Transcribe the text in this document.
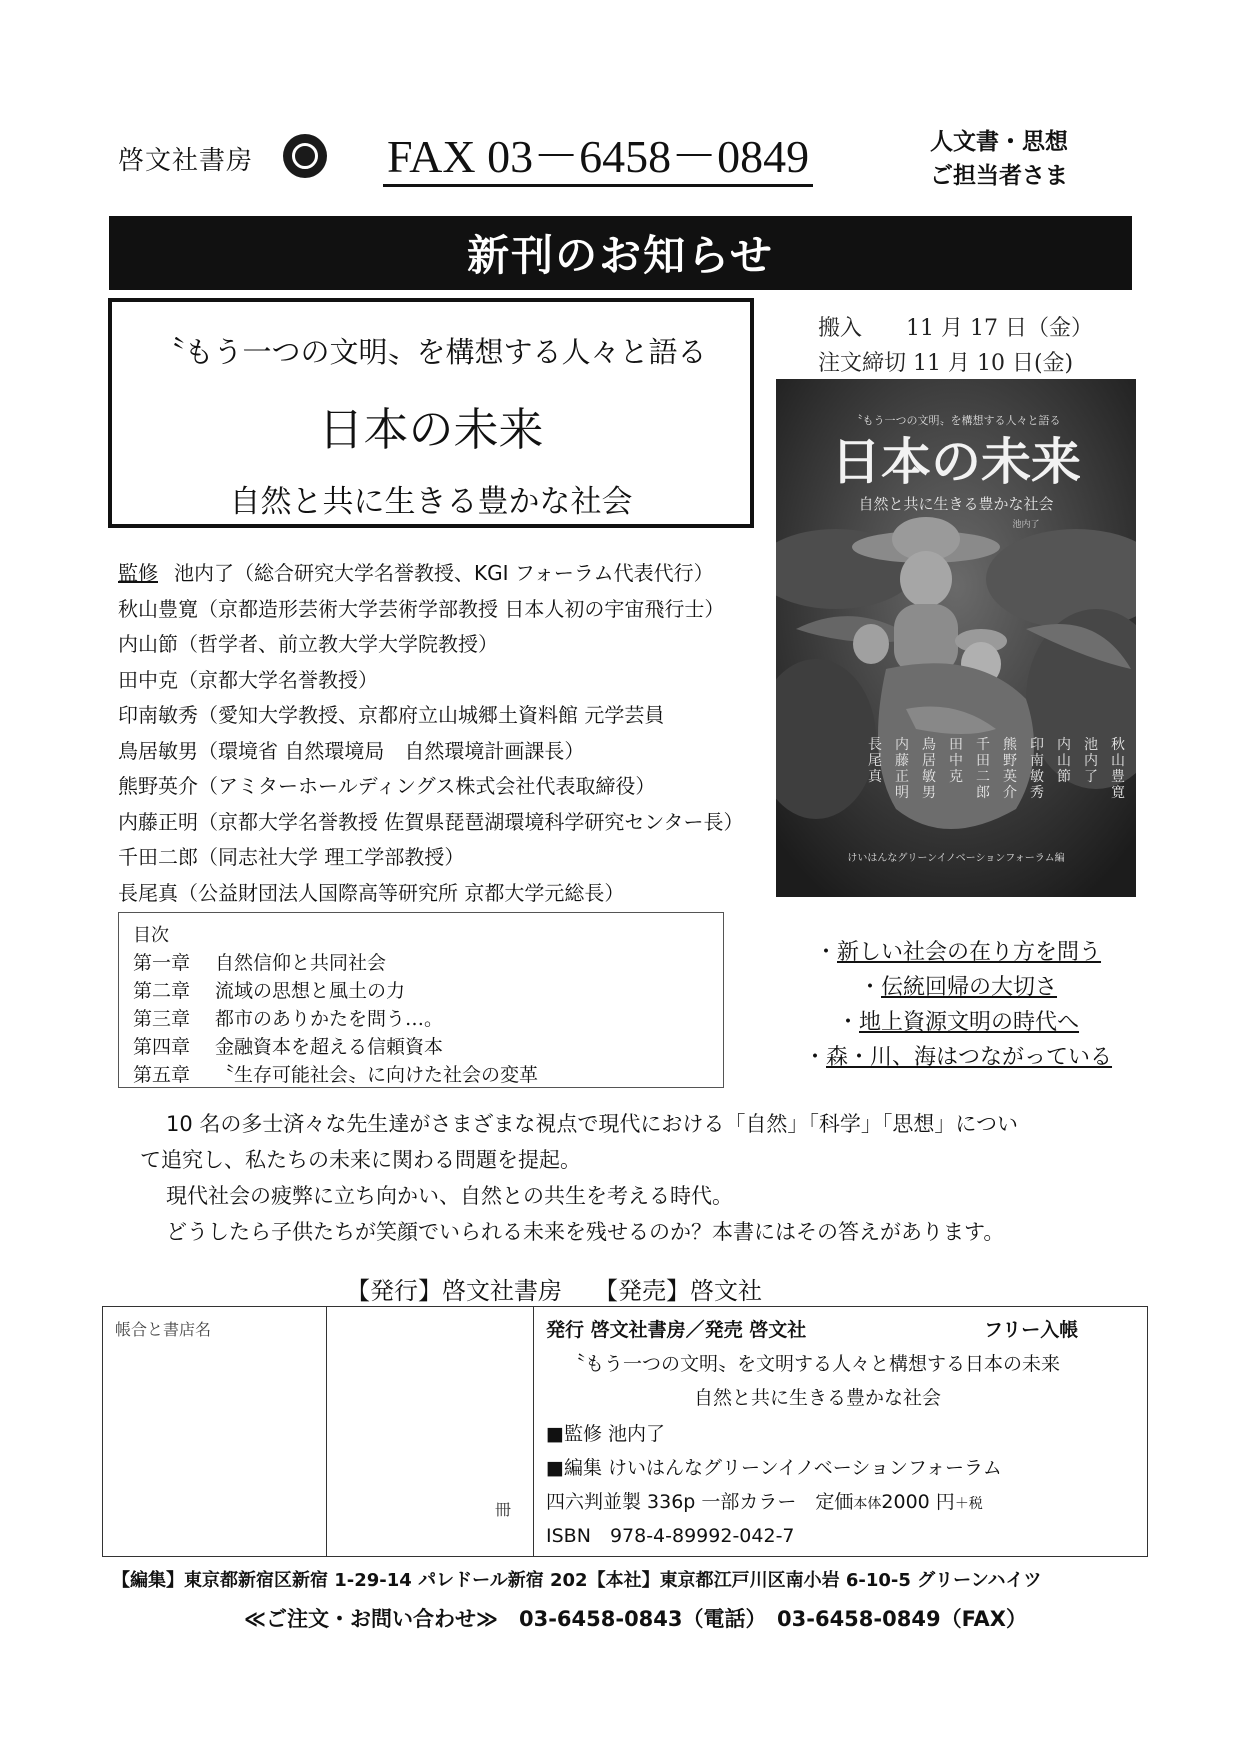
啓文社書房	FAX 03－6458－0849	人文書・思想
ご担当者さま
新刊のお知らせ
〝もう一つの文明〟を構想する人々と語る
日本の未来
自然と共に生きる豊かな社会
搬入　　11 月 17 日（金）
注文締切 11 月 10 日(金)
〝もう一つの文明〟を構想する人々と語る
日本の未来
自然と共に生きる豊かな社会
池内了
秋山豊寛
池内了
内山節
印南敏秀
熊野英介
千田二郎
田中克
鳥居敏男
内藤正明
長尾真
けいはんなグリーンイノベーションフォーラム編
監修 池内了（総合研究大学名誉教授、KGI フォーラム代表代行）
秋山豊寛（京都造形芸術大学芸術学部教授 日本人初の宇宙飛行士）
内山節（哲学者、前立教大学大学院教授）
田中克（京都大学名誉教授）
印南敏秀（愛知大学教授、京都府立山城郷土資料館 元学芸員
鳥居敏男（環境省 自然環境局　自然環境計画課長）
熊野英介（アミターホールディングス株式会社代表取締役）
内藤正明（京都大学名誉教授 佐賀県琵琶湖環境科学研究センター長）
千田二郎（同志社大学 理工学部教授）
長尾真（公益財団法人国際高等研究所 京都大学元総長）
目次
第一章 自然信仰と共同社会
第二章 流域の思想と風土の力
第三章 都市のありかたを問う…。
第四章 金融資本を超える信頼資本
第五章 〝生存可能社会〟に向けた社会の変革
・新しい社会の在り方を問う
・伝統回帰の大切さ
・地上資源文明の時代へ
・森・川、海はつながっている

10 名の多士済々な先生達がさまざまな視点で現代における「自然」「科学」「思想」につい

て追究し、私たちの未来に関わる問題を提起。

現代社会の疲弊に立ち向かい、自然との共生を考える時代。

どうしたら子供たちが笑顔でいられる未来を残せるのか？本書にはその答えがあります。

【発行】啓文社書房 【発売】啓文社
帳合と書店名
冊
発行 啓文社書房／発売 啓文社	フリー入帳
〝もう一つの文明〟を文明する人々と構想する日本の未来
自然と共に生きる豊かな社会
■監修 池内了
■編集 けいはんなグリーンイノベーションフォーラム
四六判並製 336p 一部カラー　定価本体2000 円＋税
ISBN　 978-4-89992-042-7
【編集】東京都新宿区新宿 1-29-14 パレドール新宿 202【本社】東京都江戸川区南小岩 6-10-5 グリーンハイツ
≪ご注文・お問い合わせ≫　03-6458-0843（電話）　03-6458-0849（FAX）
